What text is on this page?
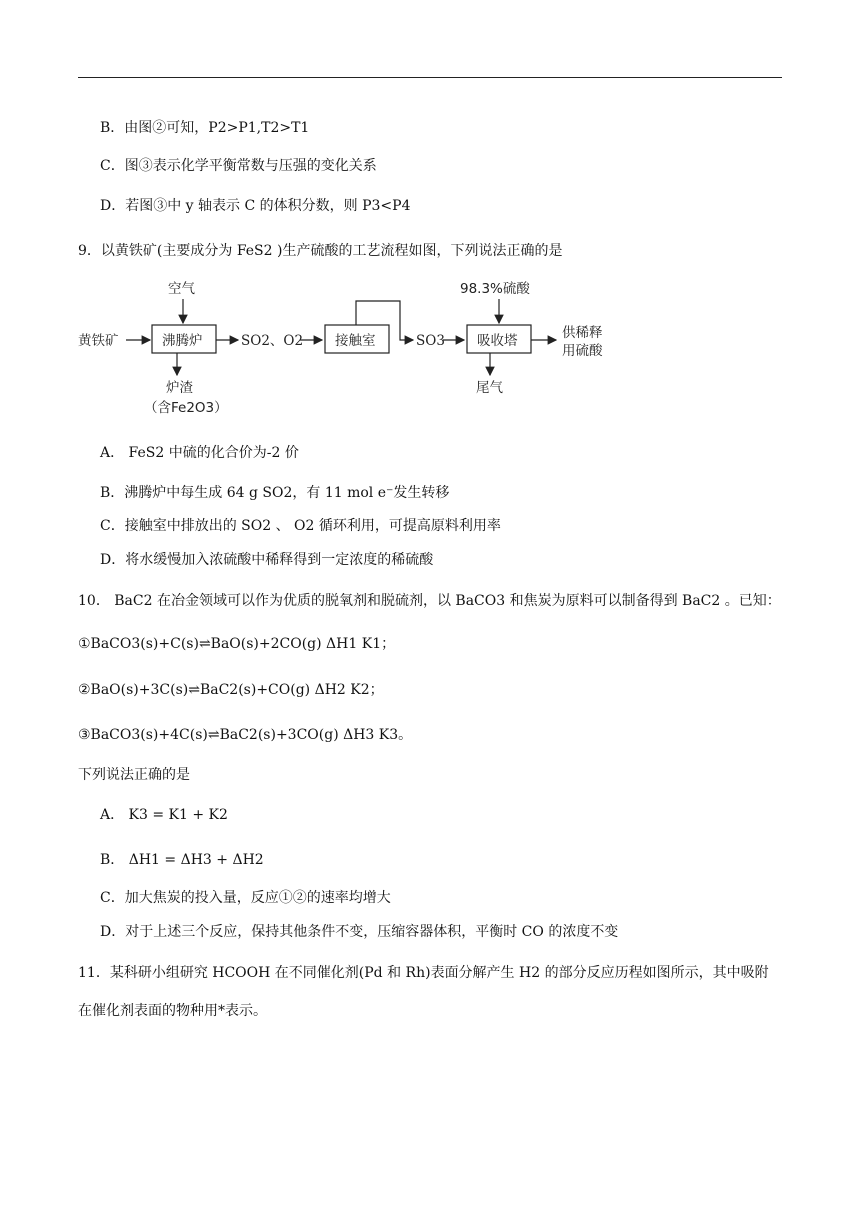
B．由图②可知，P2>P1,T2>T1
C．图③表示化学平衡常数与压强的变化关系
D．若图③中 y 轴表示 C 的体积分数，则 P3<P4
9．以黄铁矿(主要成分为 FeS2 )生产硫酸的工艺流程如图，下列说法正确的是
空气
黄铁矿	沸腾炉	SO2、O2 接触室	SO3
98.3%硫酸
吸收塔	供稀释
用硫酸
炉渣
（含Fe2O3）
尾气
A． FeS2 中硫的化合价为-2 价
B．沸腾炉中每生成 64 g SO2，有 11 mol e⁻发生转移
C．接触室中排放出的 SO2 、 O2 循环利用，可提高原料利用率
D．将水缓慢加入浓硫酸中稀释得到一定浓度的稀硫酸
10． BaC2 在冶金领域可以作为优质的脱氧剂和脱硫剂，以 BaCO3 和焦炭为原料可以制备得到 BaC2 。已知：
①BaCO3(s)+C(s)⇌BaO(s)+2CO(g) ΔH1 K1；
②BaO(s)+3C(s)⇌BaC2(s)+CO(g) ΔH2 K2；
③BaCO3(s)+4C(s)⇌BaC2(s)+3CO(g) ΔH3 K3。
下列说法正确的是
A． K3 = K1 + K2
B． ΔH1 = ΔH3 + ΔH2
C．加大焦炭的投入量，反应①②的速率均增大
D．对于上述三个反应，保持其他条件不变，压缩容器体积，平衡时 CO 的浓度不变
11．某科研小组研究 HCOOH 在不同催化剂(Pd 和 Rh)表面分解产生 H2 的部分反应历程如图所示，其中吸附
在催化剂表面的物种用*表示。
